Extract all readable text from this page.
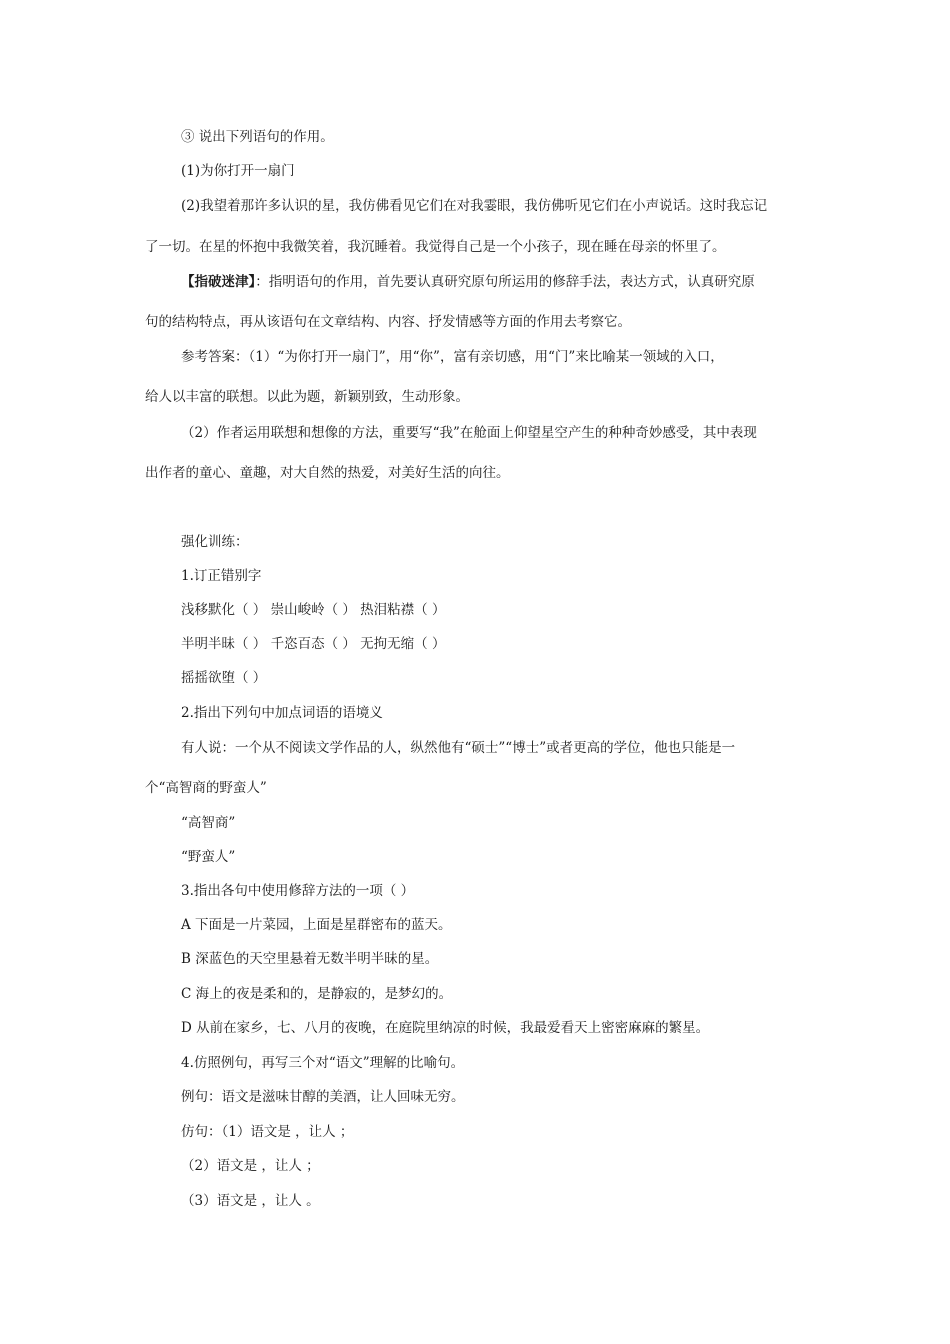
③ 说出下列语句的作用。
(1)为你打开一扇门
(2)我望着那许多认识的星，我仿佛看见它们在对我霎眼，我仿佛听见它们在小声说话。这时我忘记
了一切。在星的怀抱中我微笑着，我沉睡着。我觉得自己是一个小孩子，现在睡在母亲的怀里了。
【指破迷津】：指明语句的作用，首先要认真研究原句所运用的修辞手法，表达方式，认真研究原
句的结构特点，再从该语句在文章结构、内容、抒发情感等方面的作用去考察它。
参考答案：（1）“为你打开一扇门”，用“你”，富有亲切感，用“门”来比喻某一领域的入口，
给人以丰富的联想。以此为题，新颖别致，生动形象。
（2）作者运用联想和想像的方法，重要写“我”在舱面上仰望星空产生的种种奇妙感受，其中表现
出作者的童心、童趣，对大自然的热爱，对美好生活的向往。
强化训练：
1.订正错别字
浅移默化（ ） 崇山峻岭（ ） 热泪粘襟（ ）
半明半昧（ ） 千恣百态（ ） 无拘无缩（ ）
摇摇欲堕（ ）
2.指出下列句中加点词语的语境义
有人说：一个从不阅读文学作品的人，纵然他有“硕士”“博士”或者更高的学位，他也只能是一
个“高智商的野蛮人”
“高智商”
“野蛮人”
3.指出各句中使用修辞方法的一项（ ）
A 下面是一片菜园，上面是星群密布的蓝天。
B 深蓝色的天空里悬着无数半明半昧的星。
C 海上的夜是柔和的，是静寂的，是梦幻的。
D 从前在家乡，七、八月的夜晚，在庭院里纳凉的时候，我最爱看天上密密麻麻的繁星。
4.仿照例句，再写三个对“语文”理解的比喻句。
例句：语文是滋味甘醇的美酒，让人回味无穷。
仿句：（1）语文是 ，让人 ；
（2）语文是 ，让人 ；
（3）语文是 ，让人 。
